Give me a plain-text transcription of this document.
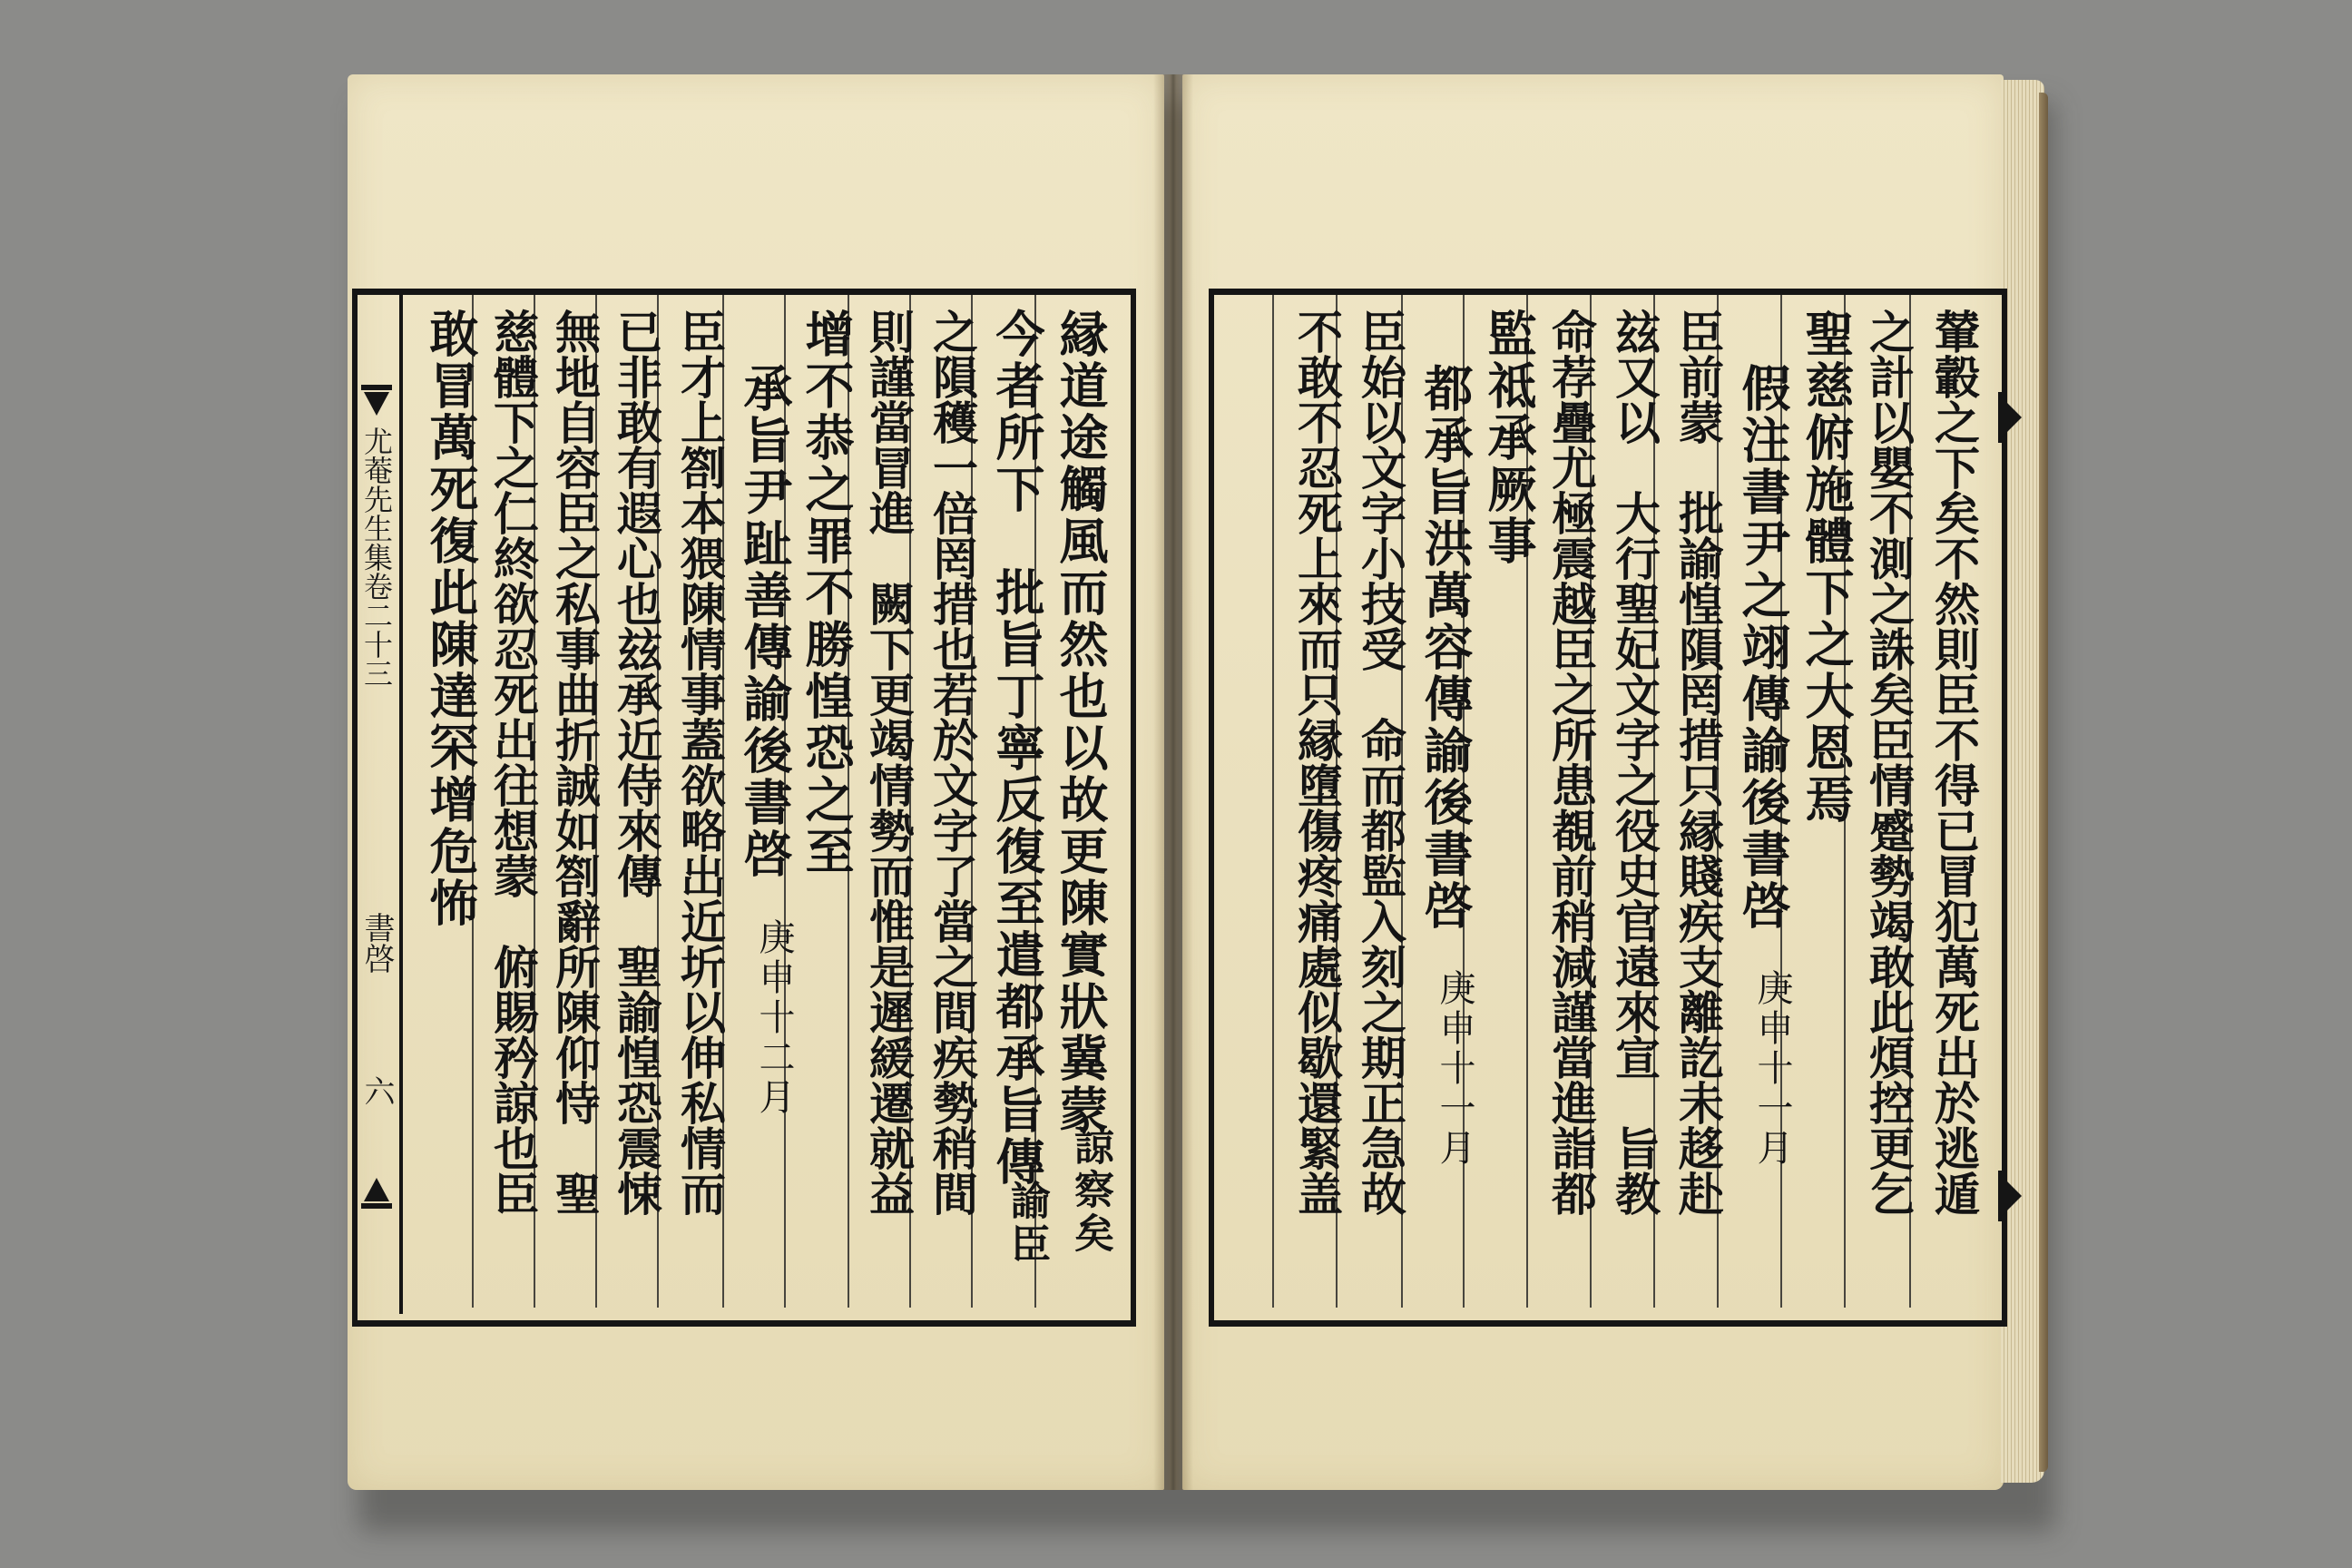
尤菴先生集卷二十三
書啓
六	縁道途觸風而然也以故更陳實狀冀蒙
今者所下　批旨丁寧反復至遣都承旨傳
之隕穫一倍罔措也若於文字了當之間疾勢稍間
則謹當冒進　闕下更竭情勢而惟是遲緩遷就益
增不恭之罪不勝惶恐之至
承旨尹趾善傳諭後書啓
庚申十二月
臣才上劄本猥陳情事蓋欲略出近圻以伸私情而
已非敢有遐心也玆承近侍來傳　聖諭惶恐震悚
無地自容臣之私事曲折誠如劄辭所陳仰恃　聖
慈體下之仁終欲忍死出往想蒙　俯賜矜諒也臣
敢冒萬死復此陳達罙增危怖	輦轂之下矣不然則臣不得已冒犯萬死出於逃遁
之計以嬰不測之誅矣臣情蹙勢竭敢此煩控更乞
聖慈俯施體下之大恩焉
假注書尹之翊傳諭後書啓
庚申十一月
臣前蒙　批諭惶隕罔措只縁賤疾支離訖未趍赴
玆又以　大行聖妃文字之役史官遠來宣　旨教
命荐疊尤極震越臣之所患覩前稍減謹當進詣都
監祗承厥事
都承旨洪萬容傳諭後書啓
庚申十一月
臣始以文字小技受　命而都監入刻之期正急故
不敢不忍死上來而只縁墮傷疼痛處似歇還緊盖
諒察矣
諭臣
